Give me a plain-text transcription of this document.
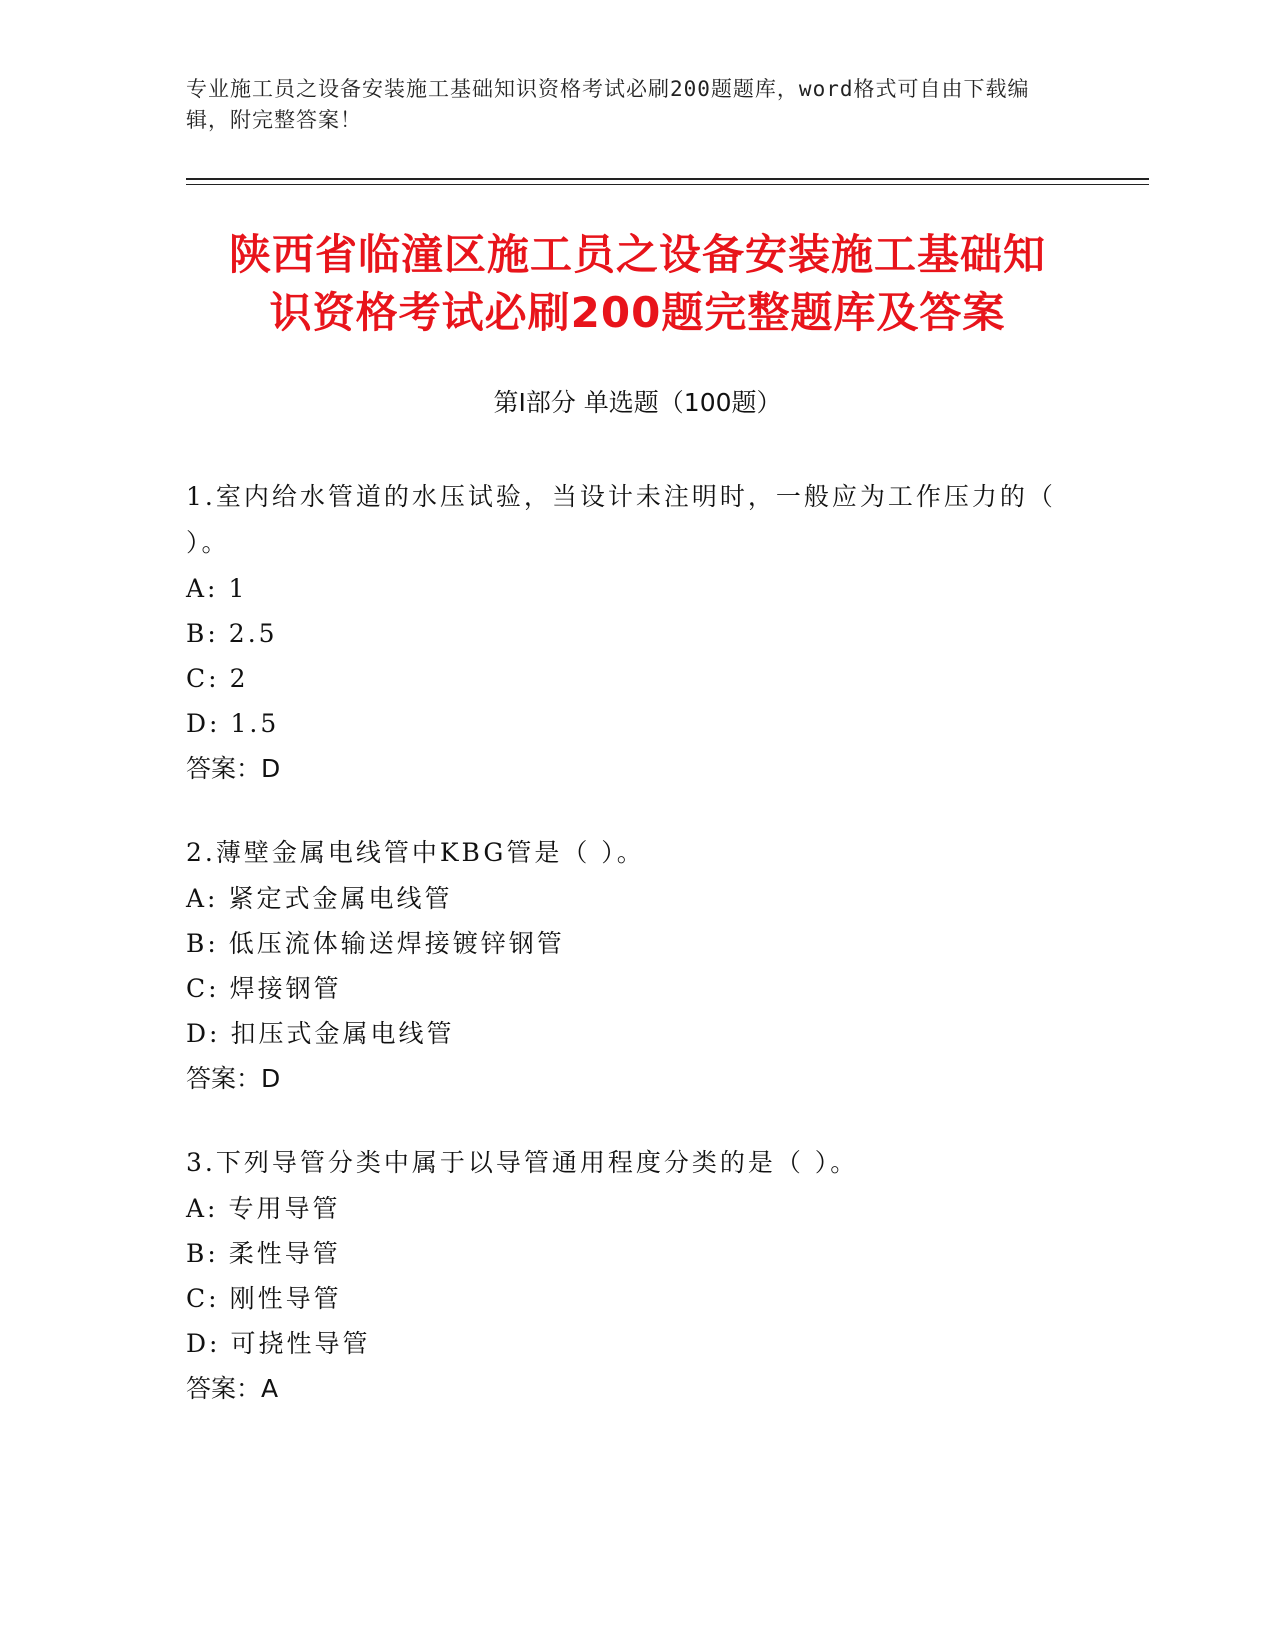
专业施工员之设备安装施工基础知识资格考试必刷200题题库，word格式可自由下载编辑，附完整答案！
陕西省临潼区施工员之设备安装施工基础知
识资格考试必刷200题完整题库及答案
第Ⅰ部分 单选题（100题）

1.室内给水管道的水压试验，当设计未注明时，一般应为工作压力的（ ）。

A: 1

B: 2.5

C: 2

D: 1.5

答案：D

2.薄壁金属电线管中KBG管是（ ）。

A: 紧定式金属电线管

B: 低压流体输送焊接镀锌钢管

C: 焊接钢管

D: 扣压式金属电线管

答案：D

3.下列导管分类中属于以导管通用程度分类的是（ ）。

A: 专用导管

B: 柔性导管

C: 刚性导管

D: 可挠性导管

答案：A
